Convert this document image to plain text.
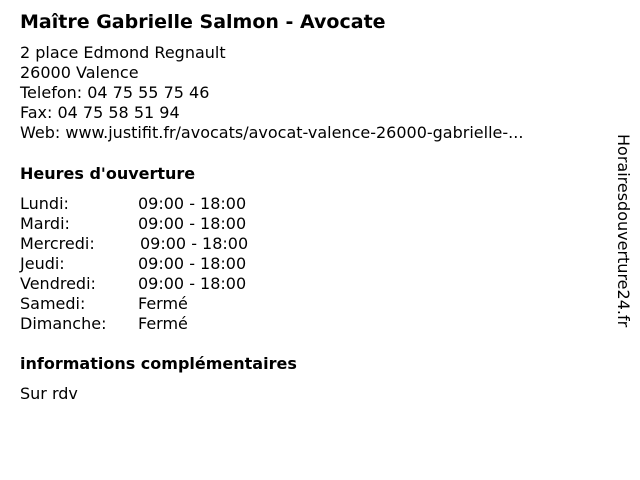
Maître Gabrielle Salmon - Avocate
2 place Edmond Regnault
26000 Valence
Telefon: 04 75 55 75 46
Fax: 04 75 58 51 94
Web: www.justifit.fr/avocats/avocat-valence-26000-gabrielle-...
Heures d'ouverture
Lundi:	09:00 - 18:00
Mardi:	09:00 - 18:00
Mercredi:	09:00 - 18:00
Jeudi:	09:00 - 18:00
Vendredi:	09:00 - 18:00
Samedi:	Fermé
Dimanche: Fermé
informations complémentaires
Sur rdv
Horairesdouverture24.fr
